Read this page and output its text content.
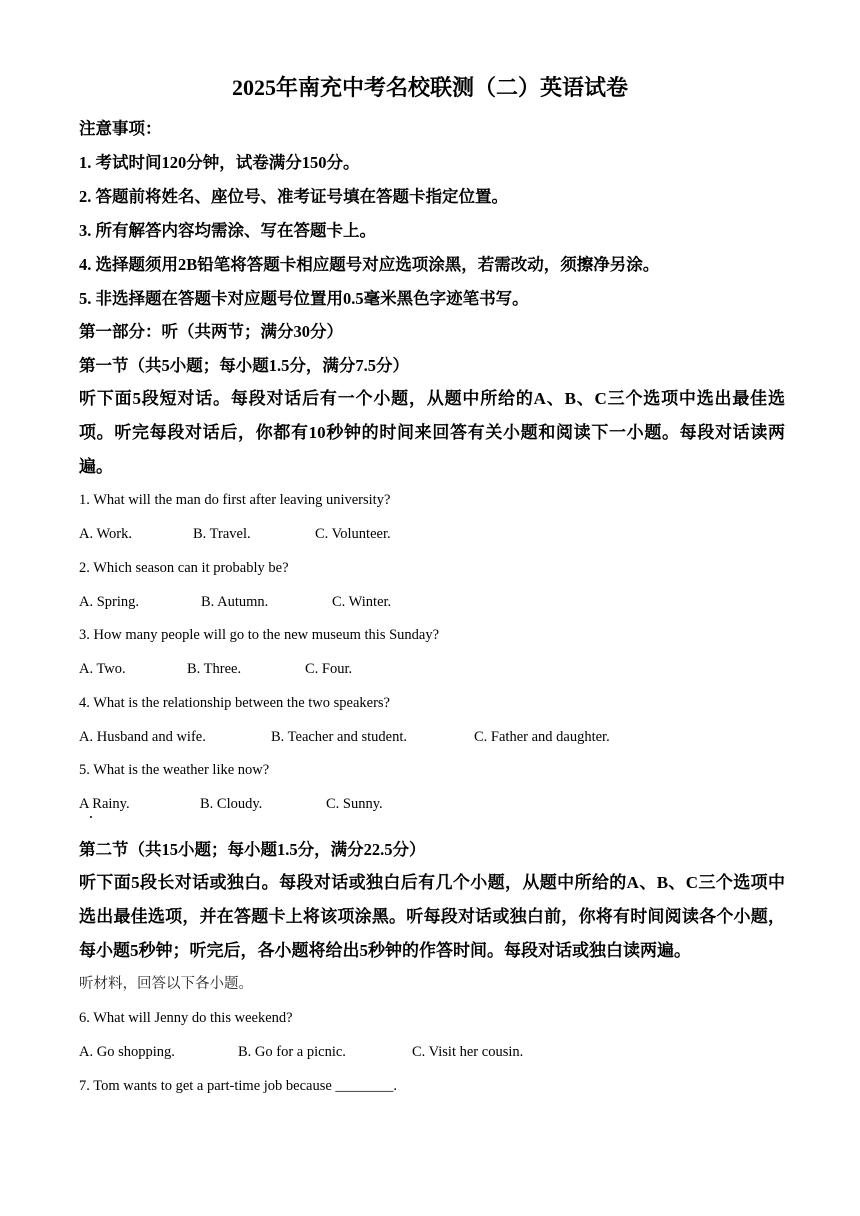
2025年南充中考名校联测（二）英语试卷
注意事项：
1. 考试时间120分钟，试卷满分150分。
2. 答题前将姓名、座位号、准考证号填在答题卡指定位置。
3. 所有解答内容均需涂、写在答题卡上。
4. 选择题须用2B铅笔将答题卡相应题号对应选项涂黑，若需改动，须擦净另涂。
5. 非选择题在答题卡对应题号位置用0.5毫米黑色字迹笔书写。
第一部分：听（共两节；满分30分）
第一节（共5小题；每小题1.5分，满分7.5分）
听下面5段短对话。每段对话后有一个小题，从题中所给的A、B、C三个选项中选出最佳选项。听完每段对话后，你都有10秒钟的时间来回答有关小题和阅读下一小题。每段对话读两遍。
1. What will the man do first after leaving university?
A. Work.	B. Travel.	C. Volunteer.
2. Which season can it probably be?
A. Spring.	B. Autumn.	C. Winter.
3. How many people will go to the new museum this Sunday?
A. Two.	B. Three.	C. Four.
4. What is the relationship between the two speakers?
A. Husband and wife.	B. Teacher and student.	C. Father and daughter.
5. What is the weather like now?
A Rainy.	B. Cloudy.	C. Sunny.
第二节（共15小题；每小题1.5分，满分22.5分）
听下面5段长对话或独白。每段对话或独白后有几个小题，从题中所给的A、B、C三个选项中选出最佳选项，并在答题卡上将该项涂黑。听每段对话或独白前，你将有时间阅读各个小题，每小题5秒钟；听完后，各小题将给出5秒钟的作答时间。每段对话或独白读两遍。
听材料，回答以下各小题。
6. What will Jenny do this weekend?
A. Go shopping.	B. Go for a picnic.	C. Visit her cousin.
7. Tom wants to get a part-time job because ________.
